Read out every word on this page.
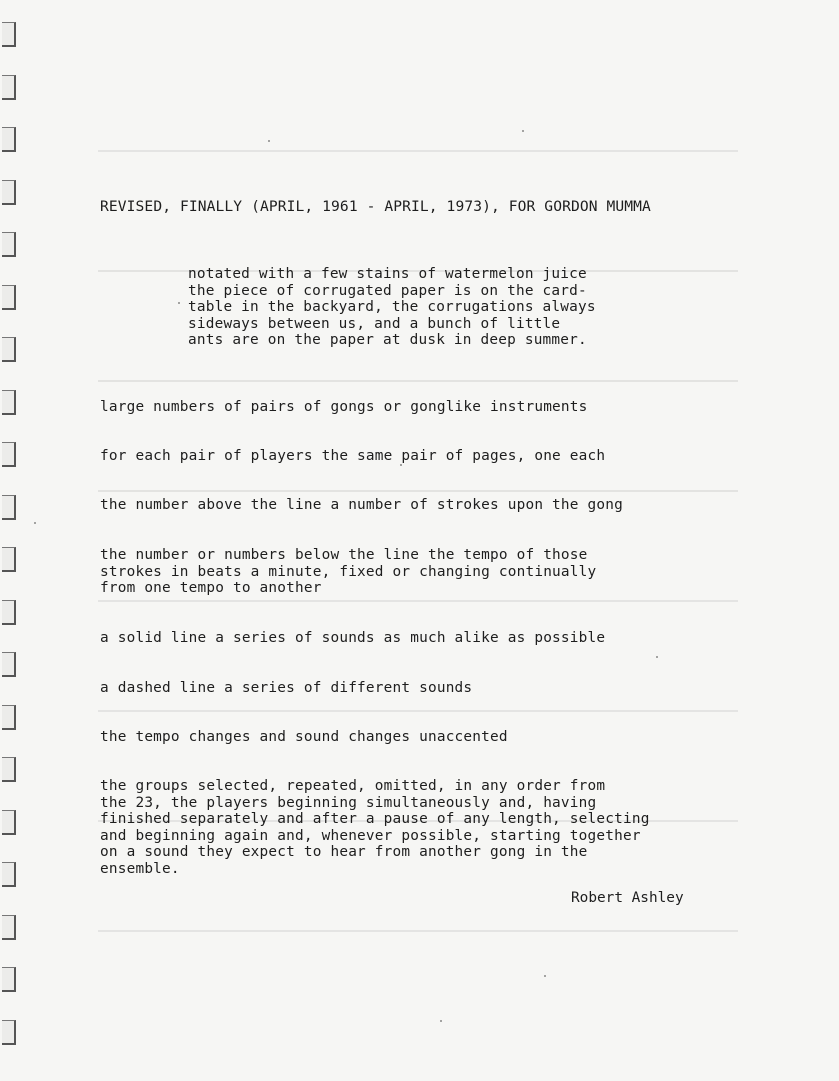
REVISED, FINALLY (APRIL, 1961 - APRIL, 1973), FOR GORDON MUMMA
notated with a few stains of watermelon juice
the piece of corrugated paper is on the card-
table in the backyard, the corrugations always
sideways between us, and a bunch of little
ants are on the paper at dusk in deep summer.
large numbers of pairs of gongs or gonglike instruments
for each pair of players the same pair of pages, one each
the number above the line a number of strokes upon the gong
the number or numbers below the line the tempo of those
strokes in beats a minute, fixed or changing continually
from one tempo to another
a solid line a series of sounds as much alike as possible
a dashed line a series of different sounds
the tempo changes and sound changes unaccented
the groups selected, repeated, omitted, in any order from
the 23, the players beginning simultaneously and, having
finished separately and after a pause of any length, selecting
and beginning again and, whenever possible, starting together
on a sound they expect to hear from another gong in the
ensemble.
Robert Ashley
